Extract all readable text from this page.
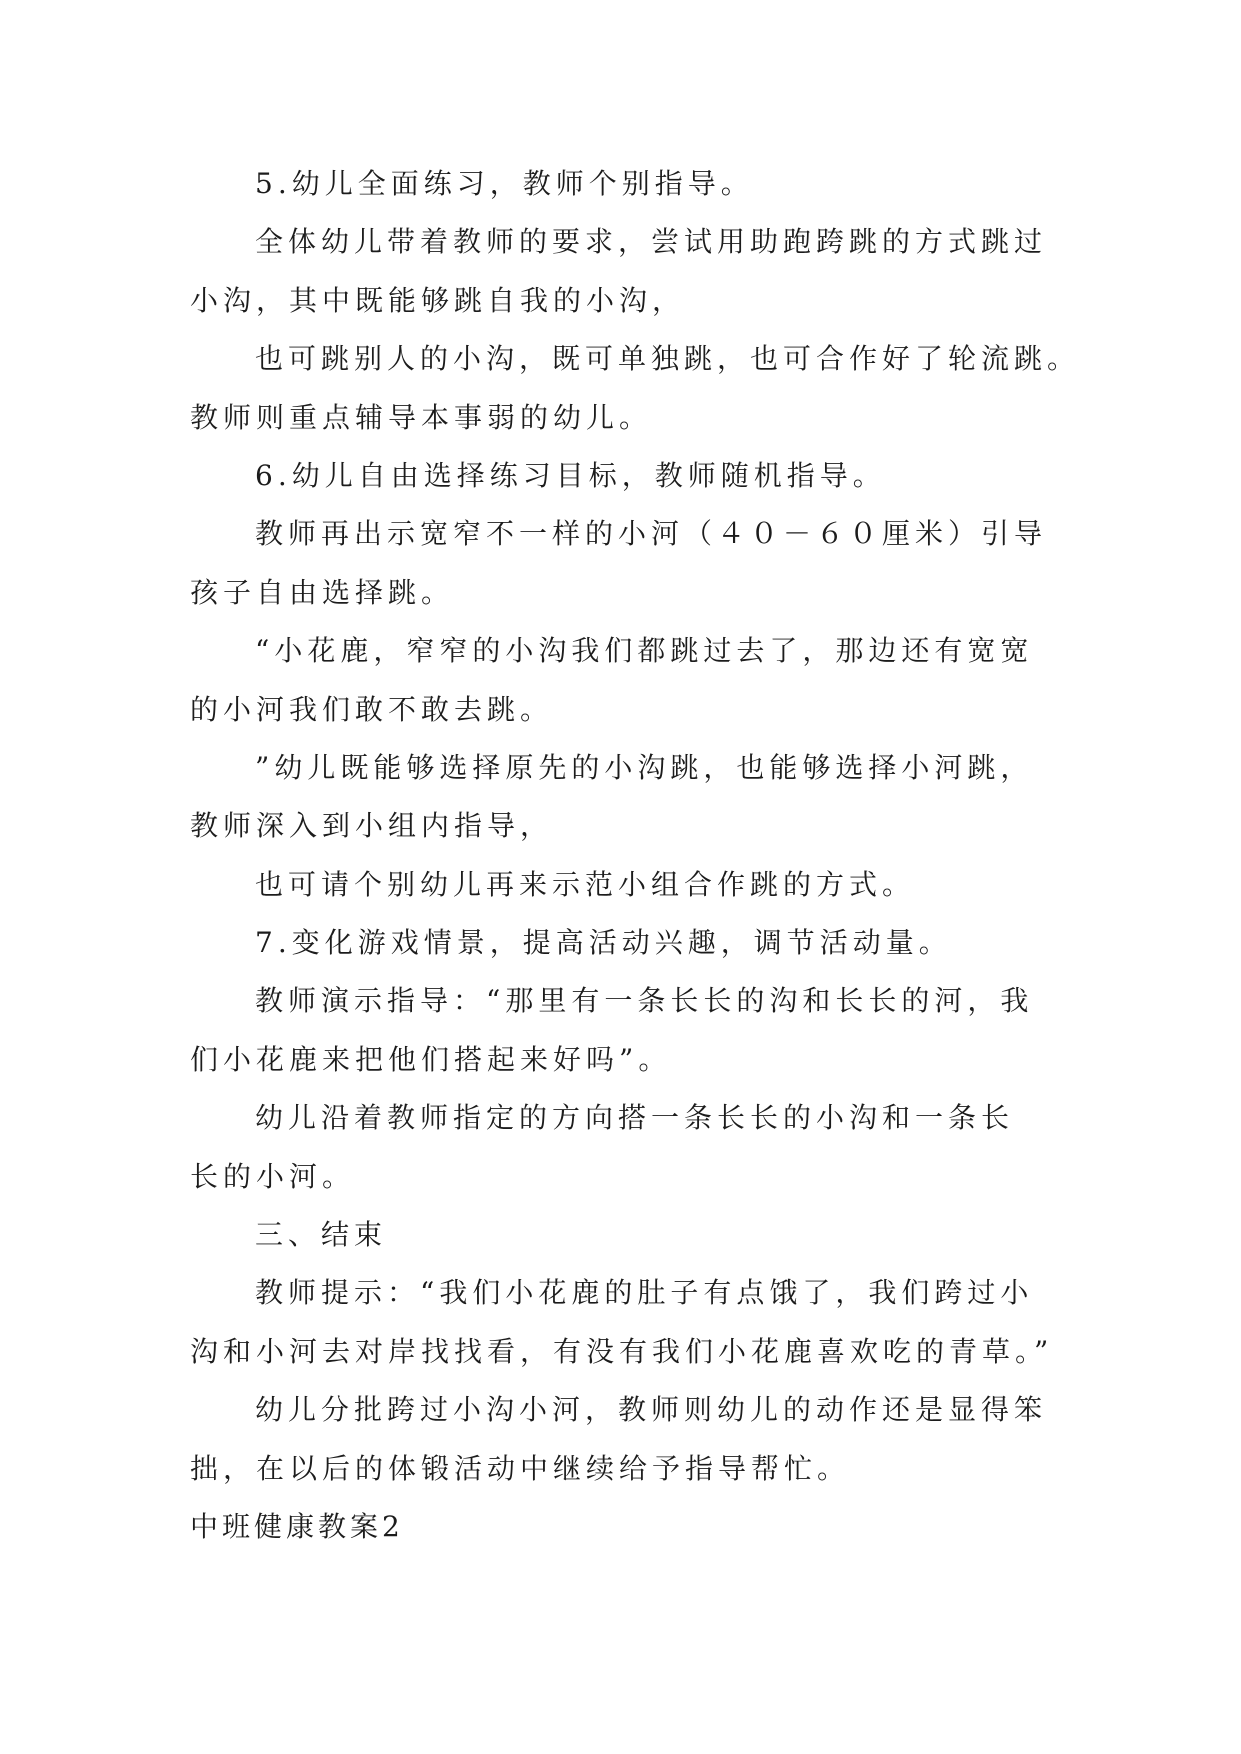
5.幼儿全面练习，教师个别指导。
全体幼儿带着教师的要求，尝试用助跑跨跳的方式跳过
小沟，其中既能够跳自我的小沟，
也可跳别人的小沟，既可单独跳，也可合作好了轮流跳。
教师则重点辅导本事弱的幼儿。
6.幼儿自由选择练习目标，教师随机指导。
教师再出示宽窄不一样的小河（４０－６０厘米）引导
孩子自由选择跳。
“小花鹿，窄窄的小沟我们都跳过去了，那边还有宽宽
的小河我们敢不敢去跳。
”幼儿既能够选择原先的小沟跳，也能够选择小河跳，
教师深入到小组内指导，
也可请个别幼儿再来示范小组合作跳的方式。
7.变化游戏情景，提高活动兴趣，调节活动量。
教师演示指导：“那里有一条长长的沟和长长的河，我
们小花鹿来把他们搭起来好吗”。
幼儿沿着教师指定的方向搭一条长长的小沟和一条长
长的小河。
三、结束
教师提示：“我们小花鹿的肚子有点饿了，我们跨过小
沟和小河去对岸找找看，有没有我们小花鹿喜欢吃的青草。”
幼儿分批跨过小沟小河，教师则幼儿的动作还是显得笨
拙，在以后的体锻活动中继续给予指导帮忙。
中班健康教案2
